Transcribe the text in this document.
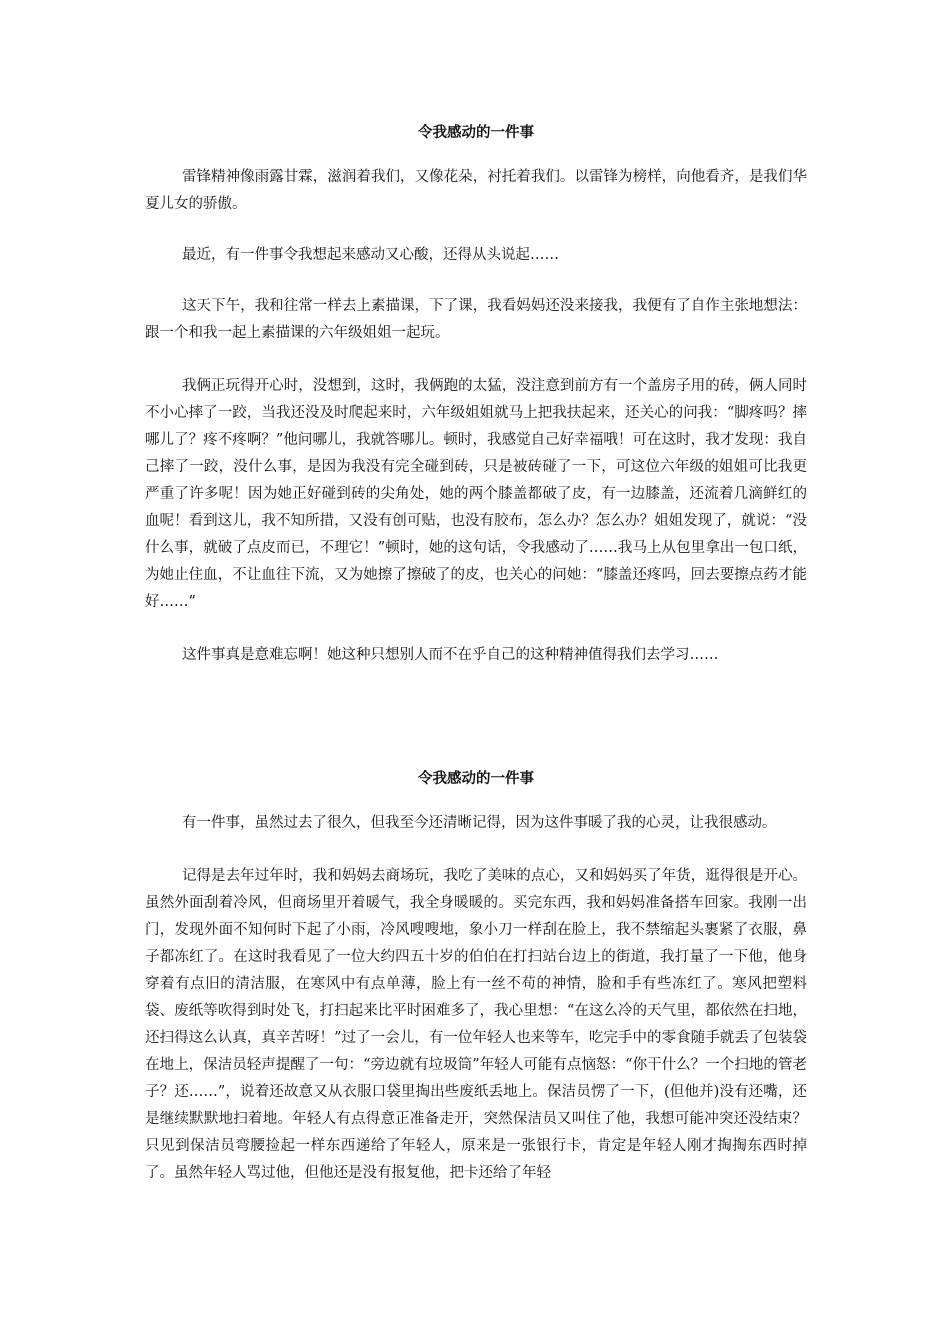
令我感动的一件事

雷锋精神像雨露甘霖，滋润着我们，又像花朵，衬托着我们。以雷锋为榜样，向他看齐，是我们华夏儿女的骄傲。

最近，有一件事令我想起来感动又心酸，还得从头说起……

这天下午，我和往常一样去上素描课，下了课，我看妈妈还没来接我，我便有了自作主张地想法：跟一个和我一起上素描课的六年级姐姐一起玩。

我俩正玩得开心时，没想到，这时，我俩跑的太猛，没注意到前方有一个盖房子用的砖，俩人同时不小心摔了一跤，当我还没及时爬起来时，六年级姐姐就马上把我扶起来，还关心的问我：“脚疼吗？摔哪儿了？疼不疼啊？”他问哪儿，我就答哪儿。顿时，我感觉自己好幸福哦！可在这时，我才发现：我自己摔了一跤，没什么事，是因为我没有完全碰到砖，只是被砖碰了一下，可这位六年级的姐姐可比我更严重了许多呢！因为她正好碰到砖的尖角处，她的两个膝盖都破了皮，有一边膝盖，还流着几滴鲜红的血呢！看到这儿，我不知所措，又没有创可贴，也没有胶布，怎么办？怎么办？姐姐发现了，就说：“没什么事，就破了点皮而已，不理它！”顿时，她的这句话，令我感动了……我马上从包里拿出一包口纸，为她止住血，不让血往下流，又为她擦了擦破了的皮，也关心的问她：“膝盖还疼吗，回去要擦点药才能好……”

这件事真是意难忘啊！她这种只想别人而不在乎自己的这种精神值得我们去学习……

令我感动的一件事

有一件事，虽然过去了很久，但我至今还清晰记得，因为这件事暖了我的心灵，让我很感动。

记得是去年过年时，我和妈妈去商场玩，我吃了美味的点心，又和妈妈买了年货，逛得很是开心。虽然外面刮着冷风，但商场里开着暖气，我全身暖暖的。买完东西，我和妈妈准备搭车回家。我刚一出门，发现外面不知何时下起了小雨，冷风嗖嗖地，象小刀一样刮在脸上，我不禁缩起头裹紧了衣服，鼻子都冻红了。在这时我看见了一位大约四五十岁的伯伯在打扫站台边上的街道，我打量了一下他，他身穿着有点旧的清洁服，在寒风中有点单薄，脸上有一丝不苟的神情，脸和手有些冻红了。寒风把塑料袋、废纸等吹得到时处飞，打扫起来比平时困难多了，我心里想：“在这么冷的天气里，都依然在扫地，还扫得这么认真，真辛苦呀！”过了一会儿，有一位年轻人也来等车，吃完手中的零食随手就丢了包装袋在地上，保洁员轻声提醒了一句：“旁边就有垃圾筒”年轻人可能有点恼怒：“你干什么？一个扫地的管老子？还……”，说着还故意又从衣服口袋里掏出些废纸丢地上。保洁员愣了一下，(但他并)没有还嘴，还是继续默默地扫着地。年轻人有点得意正准备走开，突然保洁员又叫住了他，我想可能冲突还没结束？只见到保洁员弯腰捡起一样东西递给了年轻人，原来是一张银行卡，肯定是年轻人刚才掏掏东西时掉了。虽然年轻人骂过他，但他还是没有报复他，把卡还给了年轻
